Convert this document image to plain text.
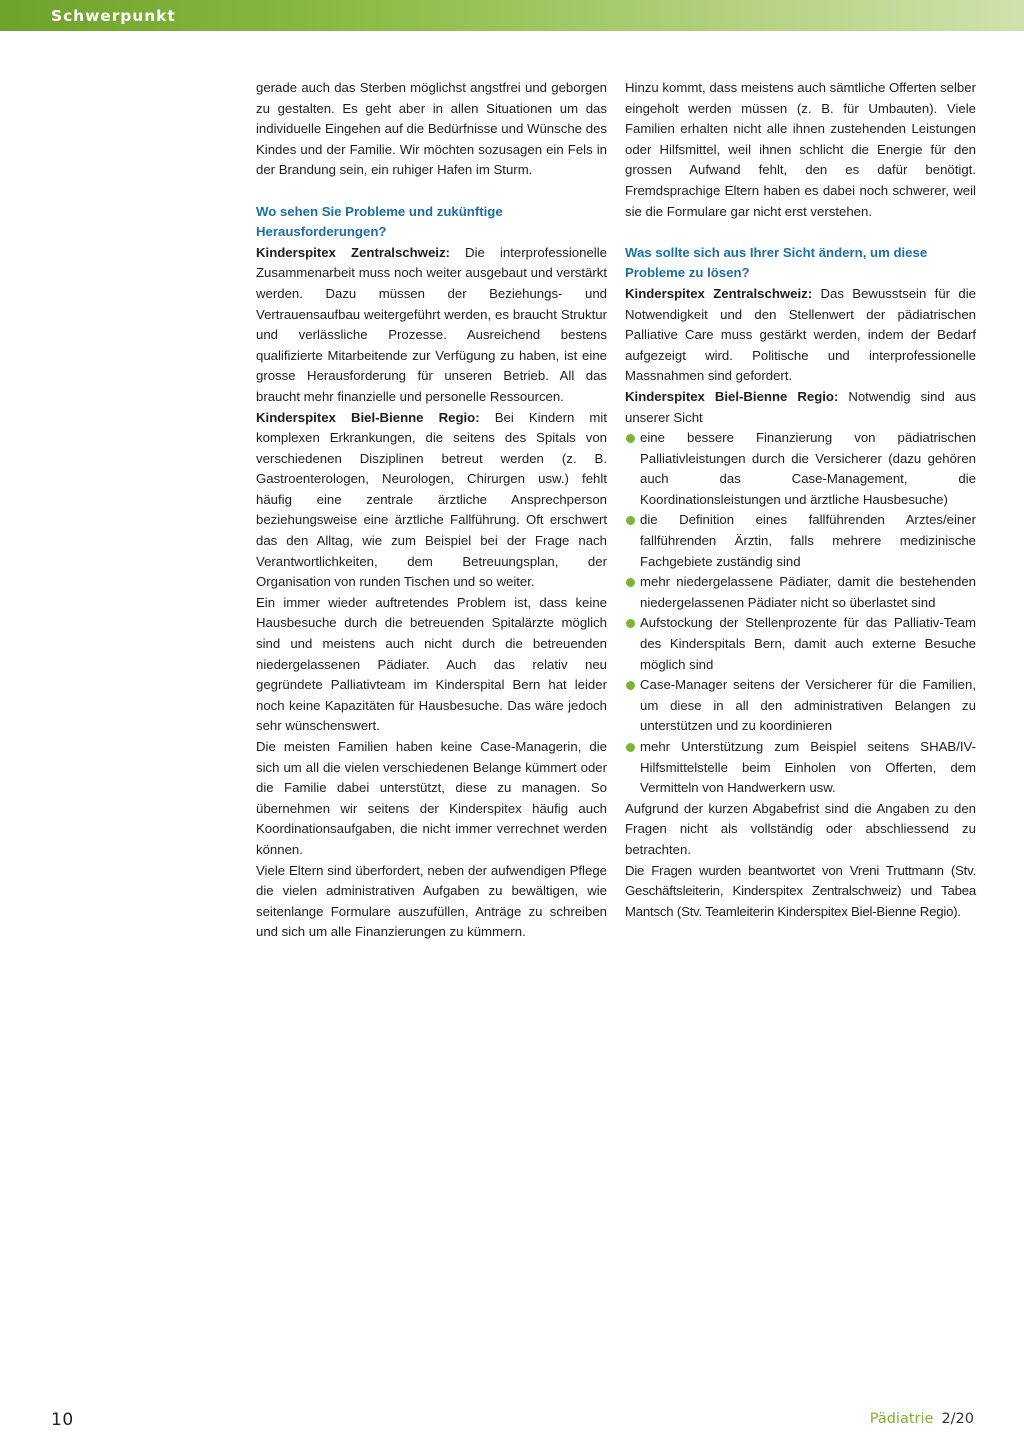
Schwerpunkt

gerade auch das Sterben möglichst angstfrei und geborgen zu gestalten. Es geht aber in allen Situationen um das individuelle Eingehen auf die Bedürfnisse und Wünsche des Kindes und der Familie. Wir möchten sozusagen ein Fels in der Brandung sein, ein ruhiger Hafen im Sturm.

Wo sehen Sie Probleme und zukünftige Herausforderungen?

Kinderspitex Zentralschweiz: Die interprofessionelle Zusammenarbeit muss noch weiter ausgebaut und verstärkt werden. Dazu müssen der Beziehungs- und Vertrauensaufbau weitergeführt werden, es braucht Struktur und verlässliche Prozesse. Ausreichend bestens qualifizierte Mitarbeitende zur Verfügung zu haben, ist eine grosse Herausforderung für unseren Betrieb. All das braucht mehr finanzielle und personelle Ressourcen.

Kinderspitex Biel-Bienne Regio: Bei Kindern mit komplexen Erkrankungen, die seitens des Spitals von verschiedenen Disziplinen betreut werden (z. B. Gastroenterologen, Neurologen, Chirurgen usw.) fehlt häufig eine zentrale ärztliche Ansprechperson beziehungsweise eine ärztliche Fallführung. Oft erschwert das den Alltag, wie zum Beispiel bei der Frage nach Verantwortlichkeiten, dem Betreuungsplan, der Organisation von runden Tischen und so weiter.

Ein immer wieder auftretendes Problem ist, dass keine Hausbesuche durch die betreuenden Spitalärzte möglich sind und meistens auch nicht durch die betreuenden niedergelassenen Pädiater. Auch das relativ neu gegründete Palliativteam im Kinderspital Bern hat leider noch keine Kapazitäten für Hausbesuche. Das wäre jedoch sehr wünschenswert.

Die meisten Familien haben keine Case-Managerin, die sich um all die vielen verschiedenen Belange kümmert oder die Familie dabei unterstützt, diese zu managen. So übernehmen wir seitens der Kinderspitex häufig auch Koordinationsaufgaben, die nicht immer verrechnet werden können.

Viele Eltern sind überfordert, neben der aufwendigen Pflege die vielen administrativen Aufgaben zu bewältigen, wie seitenlange Formulare auszufüllen, Anträge zu schreiben und sich um alle Finanzierungen zu kümmern.

Hinzu kommt, dass meistens auch sämtliche Offerten selber eingeholt werden müssen (z. B. für Umbauten). Viele Familien erhalten nicht alle ihnen zustehenden Leistungen oder Hilfsmittel, weil ihnen schlicht die Energie für den grossen Aufwand fehlt, den es dafür benötigt. Fremdsprachige Eltern haben es dabei noch schwerer, weil sie die Formulare gar nicht erst verstehen.

Was sollte sich aus Ihrer Sicht ändern, um diese Probleme zu lösen?

Kinderspitex Zentralschweiz: Das Bewusstsein für die Notwendigkeit und den Stellenwert der pädiatrischen Palliative Care muss gestärkt werden, indem der Bedarf aufgezeigt wird. Politische und interprofessionelle Massnahmen sind gefordert.

Kinderspitex Biel-Bienne Regio: Notwendig sind aus unserer Sicht

eine bessere Finanzierung von pädiatrischen Palliativleistungen durch die Versicherer (dazu gehören auch das Case-Management, die Koordinationsleistungen und ärztliche Hausbesuche)
die Definition eines fallführenden Arztes/einer fallführenden Ärztin, falls mehrere medizinische Fachgebiete zuständig sind
mehr niedergelassene Pädiater, damit die bestehenden niedergelassenen Pädiater nicht so überlastet sind
Aufstockung der Stellenprozente für das Palliativ-Team des Kinderspitals Bern, damit auch externe Besuche möglich sind
Case-Manager seitens der Versicherer für die Familien, um diese in all den administrativen Belangen zu unterstützen und zu koordinieren
mehr Unterstützung zum Beispiel seitens SHAB/IV-Hilfsmittelstelle beim Einholen von Offerten, dem Vermitteln von Handwerkern usw.

Aufgrund der kurzen Abgabefrist sind die Angaben zu den Fragen nicht als vollständig oder abschliessend zu betrachten.

Die Fragen wurden beantwortet von Vreni Truttmann (Stv. Geschäftsleiterin, Kinderspitex Zentralschweiz) und Tabea Mantsch (Stv. Teamleiterin Kinderspitex Biel-Bienne Regio).

10	Pädiatrie 2/20
